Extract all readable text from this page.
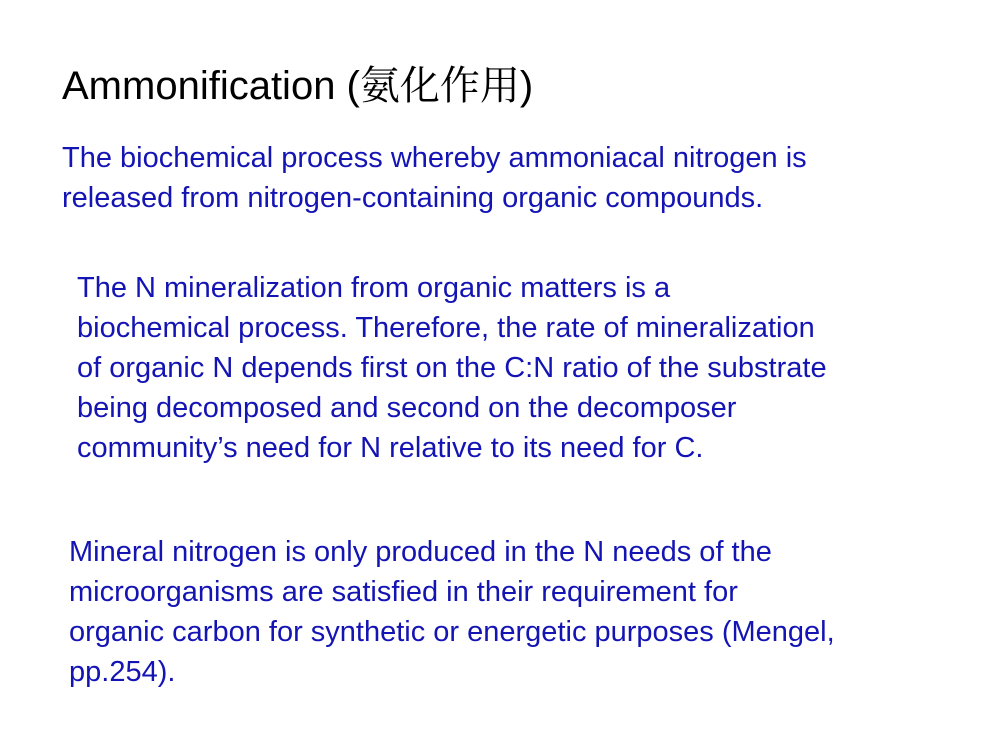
Ammonification (氨化作用)
The biochemical process whereby ammoniacal nitrogen is
released from nitrogen-containing organic compounds.
The N mineralization from organic matters is a
biochemical process. Therefore, the rate of mineralization
of organic N depends first on the C:N ratio of the substrate
being decomposed and second on the decomposer
community’s need for N relative to its need for C.
Mineral nitrogen is only produced in the N needs of the
microorganisms are satisfied in their requirement for
organic carbon for synthetic or energetic purposes (Mengel,
pp.254).
